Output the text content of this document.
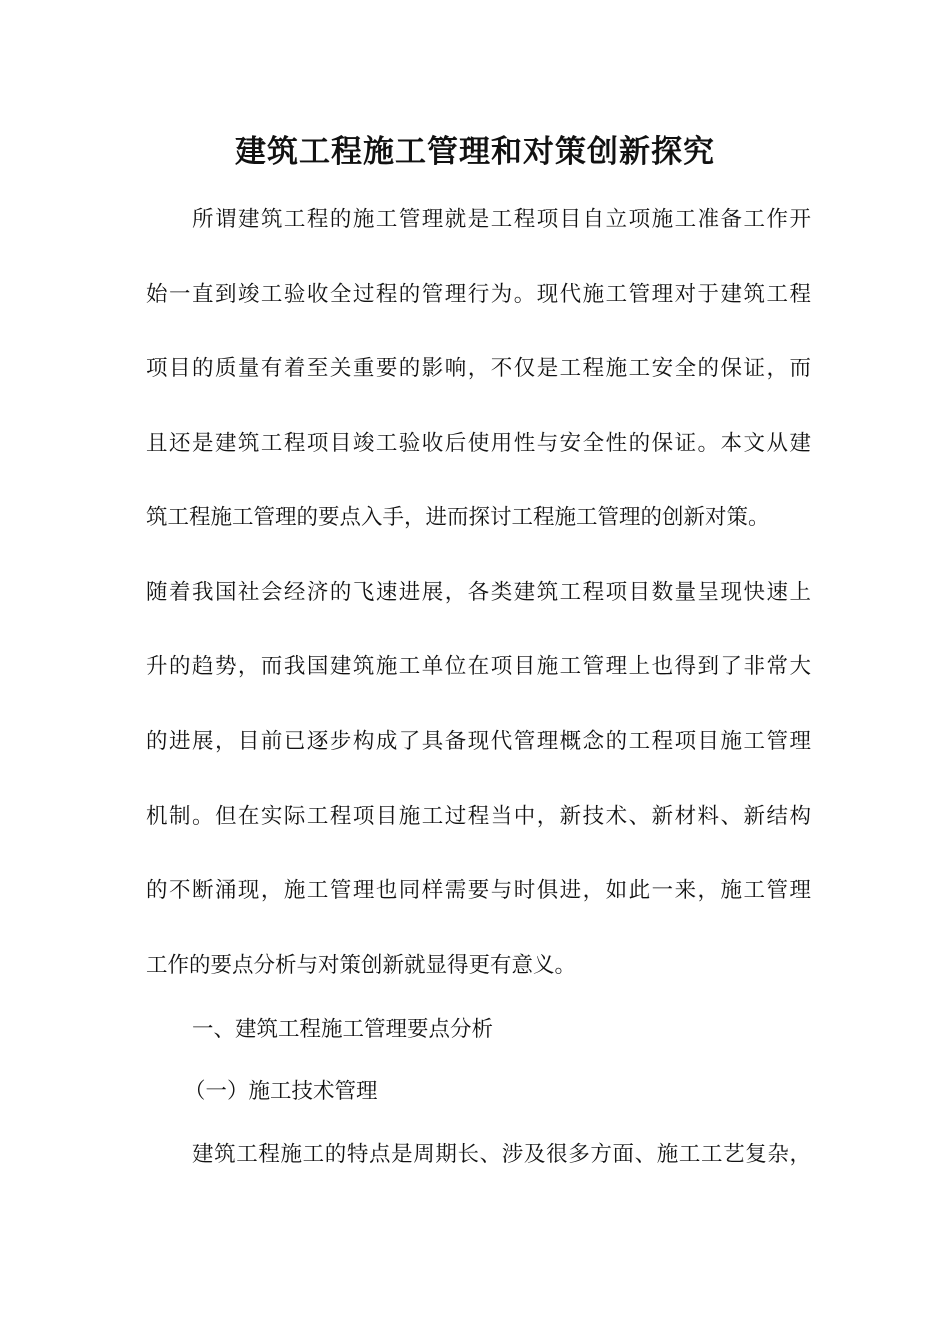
建筑工程施工管理和对策创新探究
所谓建筑工程的施工管理就是工程项目自立项施工准备工作开
始一直到竣工验收全过程的管理行为。现代施工管理对于建筑工程
项目的质量有着至关重要的影响，不仅是工程施工安全的保证，而
且还是建筑工程项目竣工验收后使用性与安全性的保证。本文从建
筑工程施工管理的要点入手，进而探讨工程施工管理的创新对策。
随着我国社会经济的飞速进展，各类建筑工程项目数量呈现快速上
升的趋势，而我国建筑施工单位在项目施工管理上也得到了非常大
的进展，目前已逐步构成了具备现代管理概念的工程项目施工管理
机制。但在实际工程项目施工过程当中，新技术、新材料、新结构
的不断涌现，施工管理也同样需要与时俱进，如此一来，施工管理
工作的要点分析与对策创新就显得更有意义。
一、建筑工程施工管理要点分析
（一）施工技术管理
建筑工程施工的特点是周期长、涉及很多方面、施工工艺复杂，
